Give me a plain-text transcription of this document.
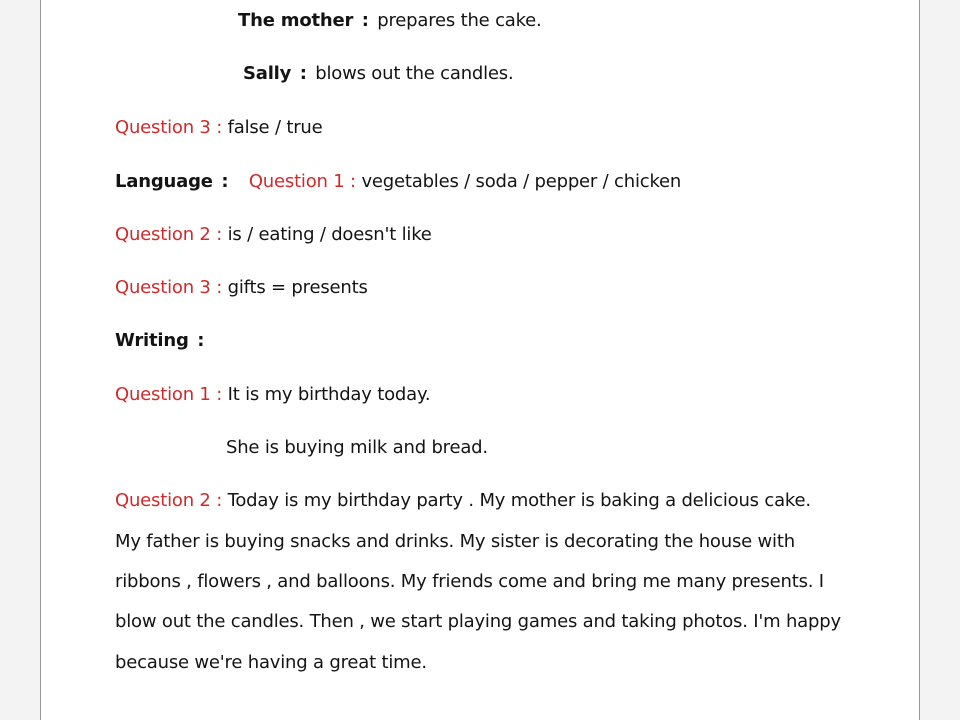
The mother : prepares the cake.
Sally : blows out the candles.
Question 3 : false / true
Language : Question 1 : vegetables / soda / pepper / chicken
Question 2 : is / eating / doesn't like
Question 3 : gifts = presents
Writing :
Question 1 : It is my birthday today.
She is buying milk and bread.
Question 2 : Today is my birthday party . My mother is baking a delicious cake.
My father is buying snacks and drinks. My sister is decorating the house with
ribbons , flowers , and balloons. My friends come and bring me many presents. I
blow out the candles. Then , we start playing games and taking photos. I'm happy
because we're having a great time.
